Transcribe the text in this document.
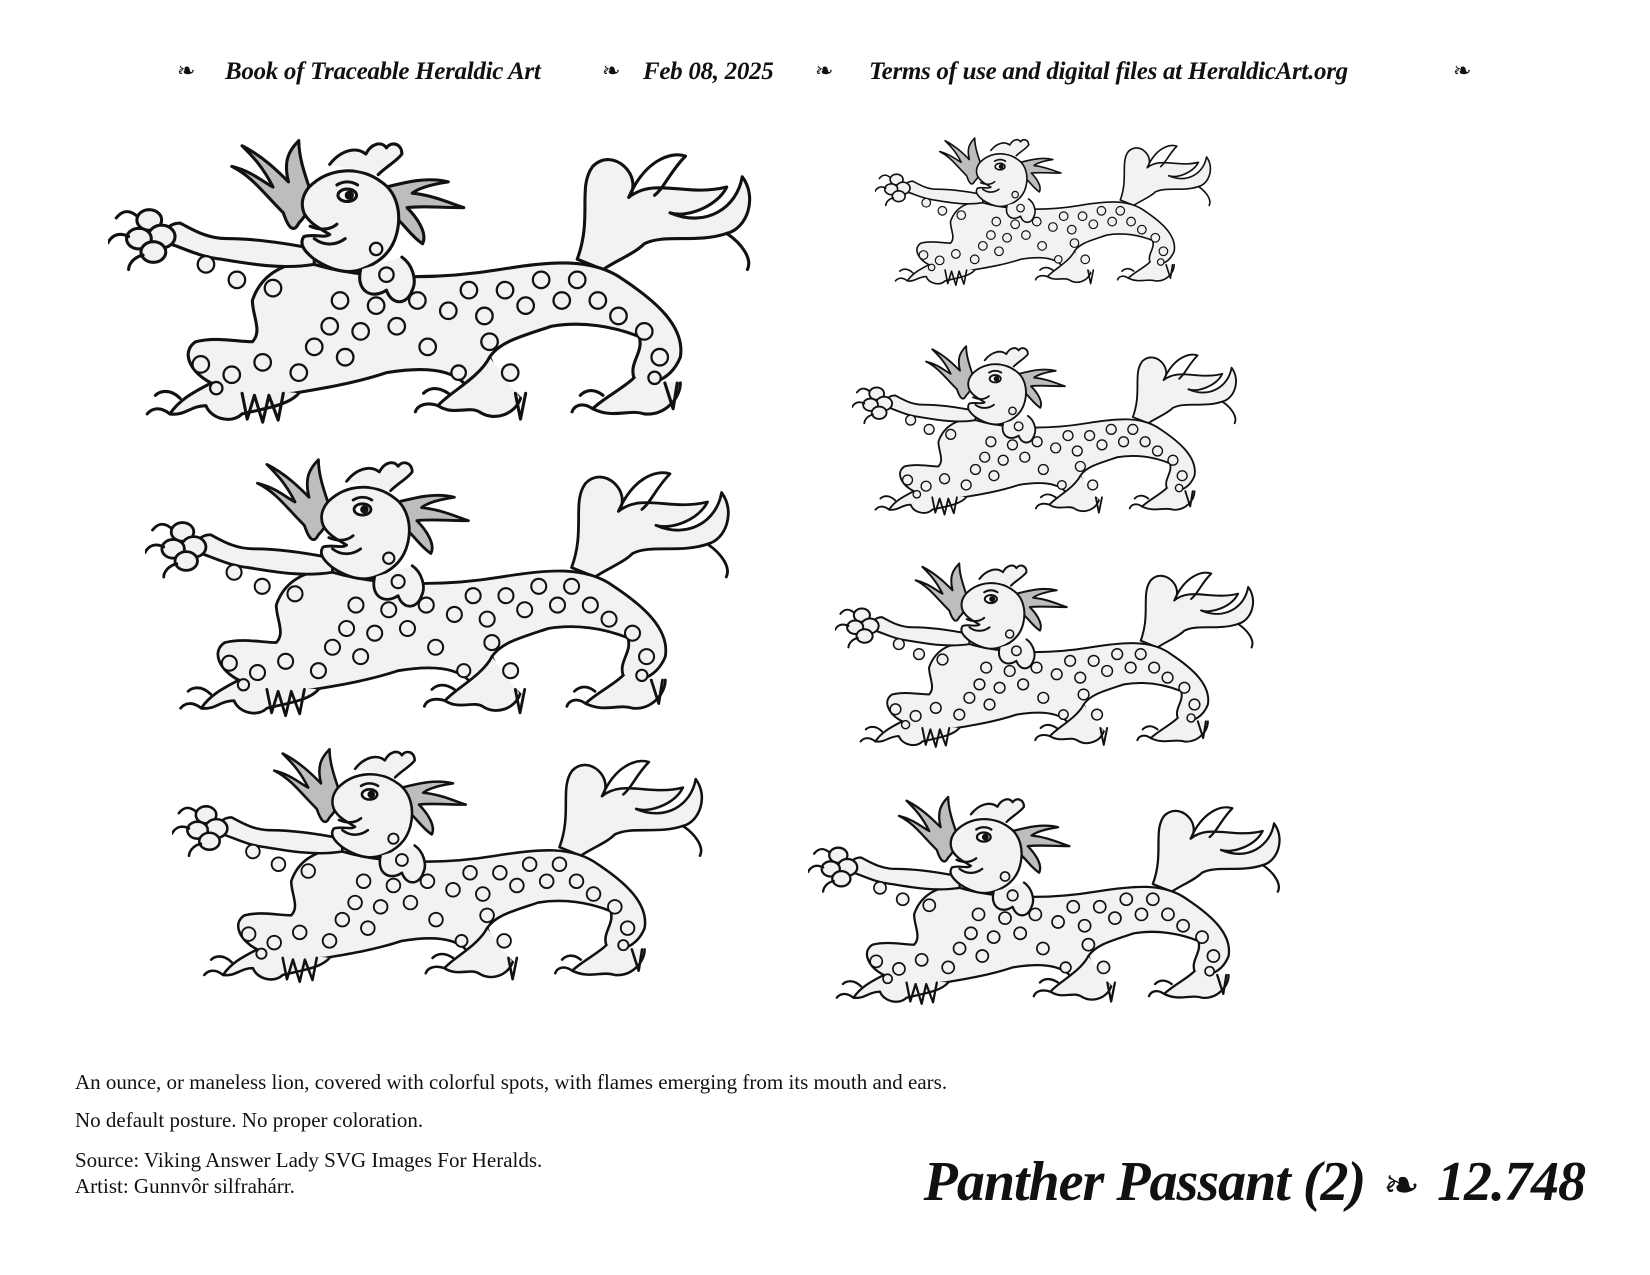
❧ Book of Traceable Heraldic Art	❧ Feb 08, 2025 ❧ Terms of use and digital files at HeraldicArt.org	❧
An ounce, or maneless lion, covered with colorful spots, with flames emerging from its mouth and ears.
No default posture. No proper coloration.
Source: Viking Answer Lady SVG Images For Heralds.
Artist: Gunnvôr silfrahárr.	Panther Passant (2) ❧ 12.748
